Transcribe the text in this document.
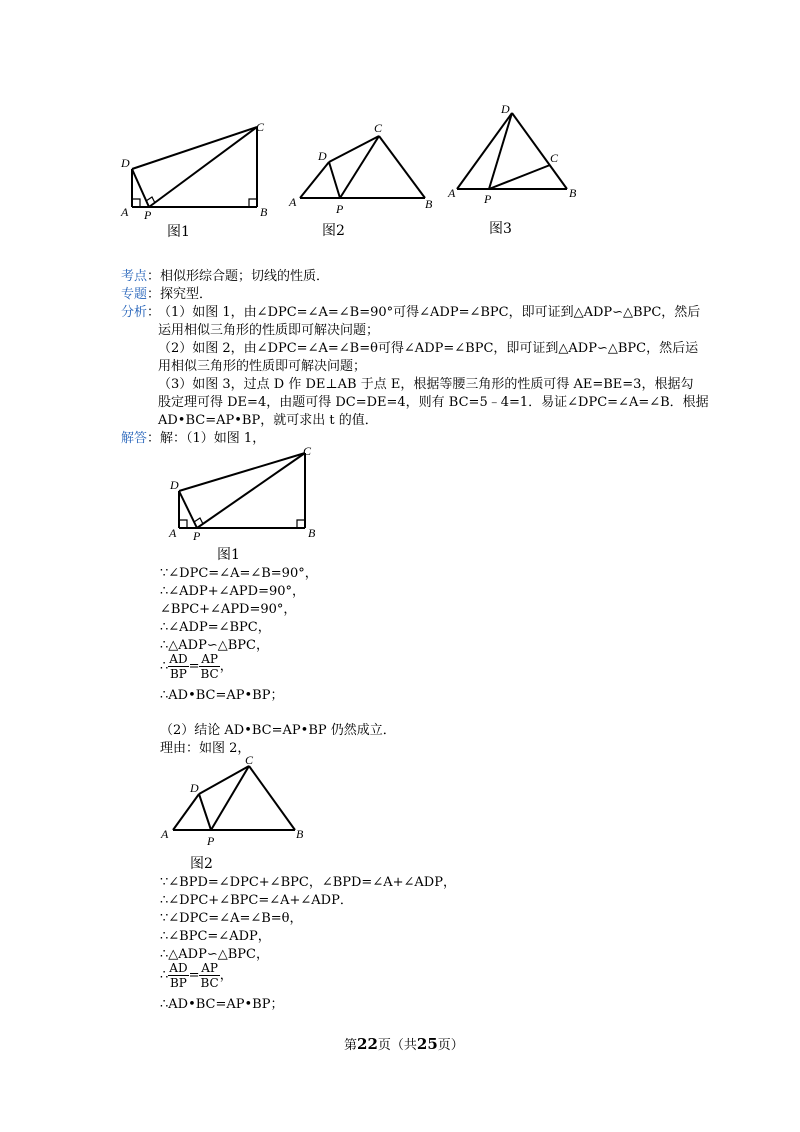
D
C
A P	B
图1
D
C
A	P	B
图2
D
C
A P	B
图3
考点：相似形综合题；切线的性质．
专题：探究型．
分析：
（1）如图 1，由∠DPC=∠A=∠B=90°可得∠ADP=∠BPC，即可证到△ADP∽△BPC，然后
运用相似三角形的性质即可解决问题；
（2）如图 2，由∠DPC=∠A=∠B=θ可得∠ADP=∠BPC，即可证到△ADP∽△BPC，然后运
用相似三角形的性质即可解决问题；
（3）如图 3，过点 D 作 DE⊥AB 于点 E，根据等腰三角形的性质可得 AE=BE=3，根据勾
股定理可得 DE=4，由题可得 DC=DE=4，则有 BC=5﹣4=1．易证∠DPC=∠A=∠B．根据
AD•BC=AP•BP，就可求出 t 的值．
解答：解：（1）如图 1，
D
C
A P	B
图1
∵∠DPC=∠A=∠B=90°，
∴∠ADP+∠APD=90°，
∠BPC+∠APD=90°，
∴∠ADP=∠BPC，
∴△ADP∽△BPC，
∴ $\frac{AD}{BP} = \frac{AP}{BC}$ ，
∴AD•BC=AP•BP；
（2）结论 AD•BC=AP•BP 仍然成立．
理由：如图 2，
D
C
A	P	B
图2
∵∠BPD=∠DPC+∠BPC，∠BPD=∠A+∠ADP，
∴∠DPC+∠BPC=∠A+∠ADP．
∵∠DPC=∠A=∠B=θ，
∴∠BPC=∠ADP，
∴△ADP∽△BPC，
∴ $\frac{AD}{BP} = \frac{AP}{BC}$ ，
∴AD•BC=AP•BP；
第22页（共25页）
